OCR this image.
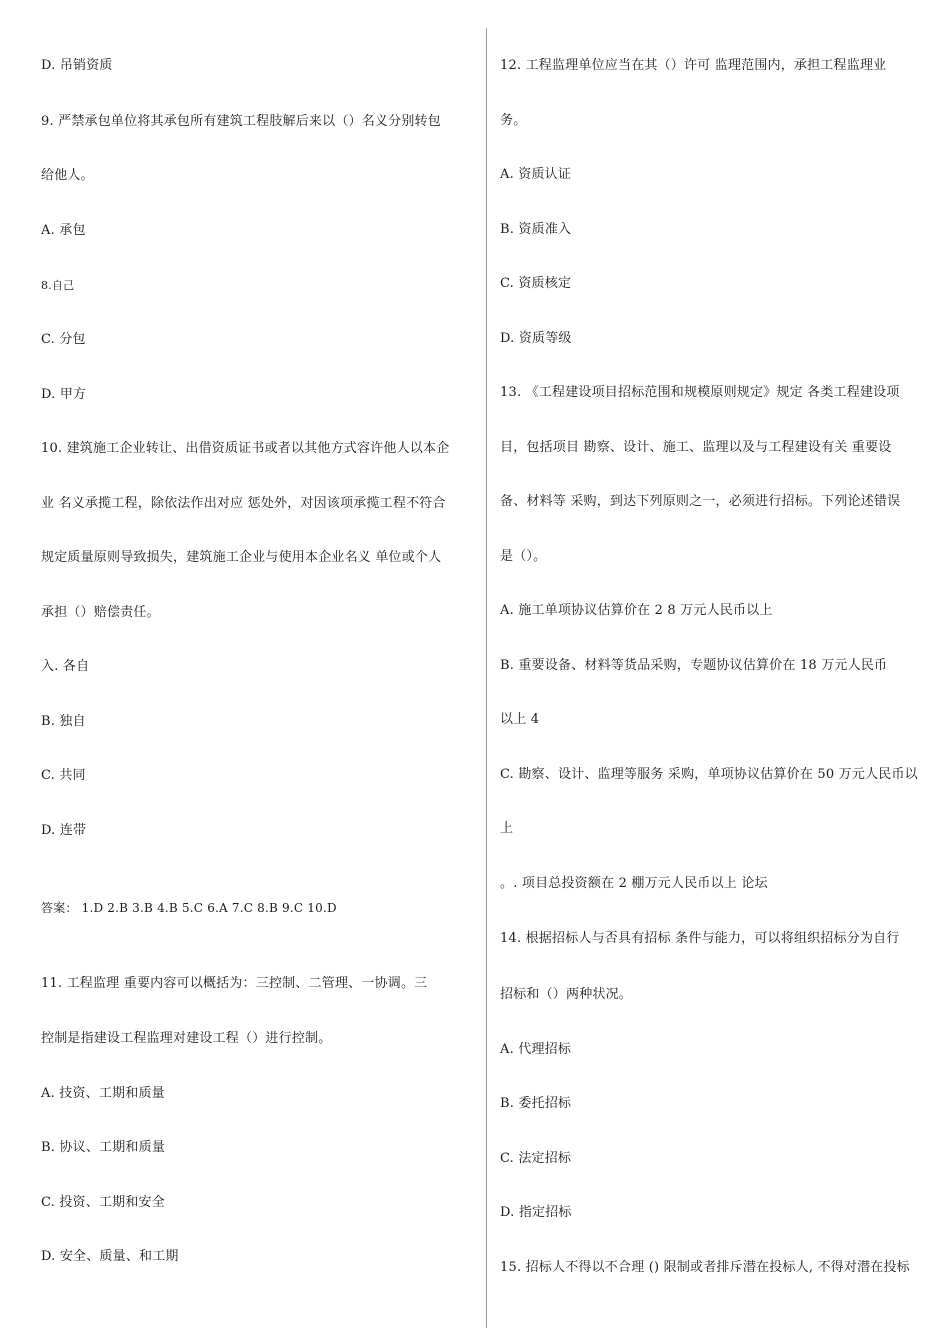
D. 吊销资质
9. 严禁承包单位将其承包所有建筑工程肢解后来以（）名义分别转包
给他人。
A. 承包
8.自己
C. 分包
D. 甲方
10. 建筑施工企业转让、出借资质证书或者以其他方式容许他人以本企
业 名义承揽工程，除依法作出对应 惩处外，对因该项承揽工程不符合
规定质量原则导致损失，建筑施工企业与使用本企业名义 单位或个人
承担（）赔偿责任。
入. 各自
B. 独自
C. 共同
D. 连带
答案： 1.D 2.B 3.B 4.B 5.C 6.A 7.C 8.B 9.C 10.D
11. 工程监理 重要内容可以概括为：三控制、二管理、一协调。三
控制是指建设工程监理对建设工程（）进行控制。
A. 技资、工期和质量
B. 协议、工期和质量
C. 投资、工期和安全
D. 安全、质量、和工期
12. 工程监理单位应当在其（）许可 监理范围内，承担工程监理业
务。
A. 资质认证
B. 资质准入
C. 资质核定
D. 资质等级
13. 《工程建设项目招标范围和规模原则规定》规定 各类工程建设项
目，包括项目 勘察、设计、施工、监理以及与工程建设有关 重要设
备、材料等 采购，到达下列原则之一，必须进行招标。下列论述错误
是（）。
A. 施工单项协议估算价在 2 8 万元人民币以上
B. 重要设备、材料等货品采购，专题协议估算价在 18 万元人民币
以上 4
C. 勘察、设计、监理等服务 采购，单项协议估算价在 50 万元人民币以
上
。. 项目总投资额在 2 棚万元人民币以上 论坛
14. 根据招标人与否具有招标 条件与能力，可以将组织招标分为自行
招标和（）两种状况。
A. 代理招标
B. 委托招标
C. 法定招标
D. 指定招标
15. 招标人不得以不合理 () 限制或者排斥潜在投标人, 不得对潜在投标
